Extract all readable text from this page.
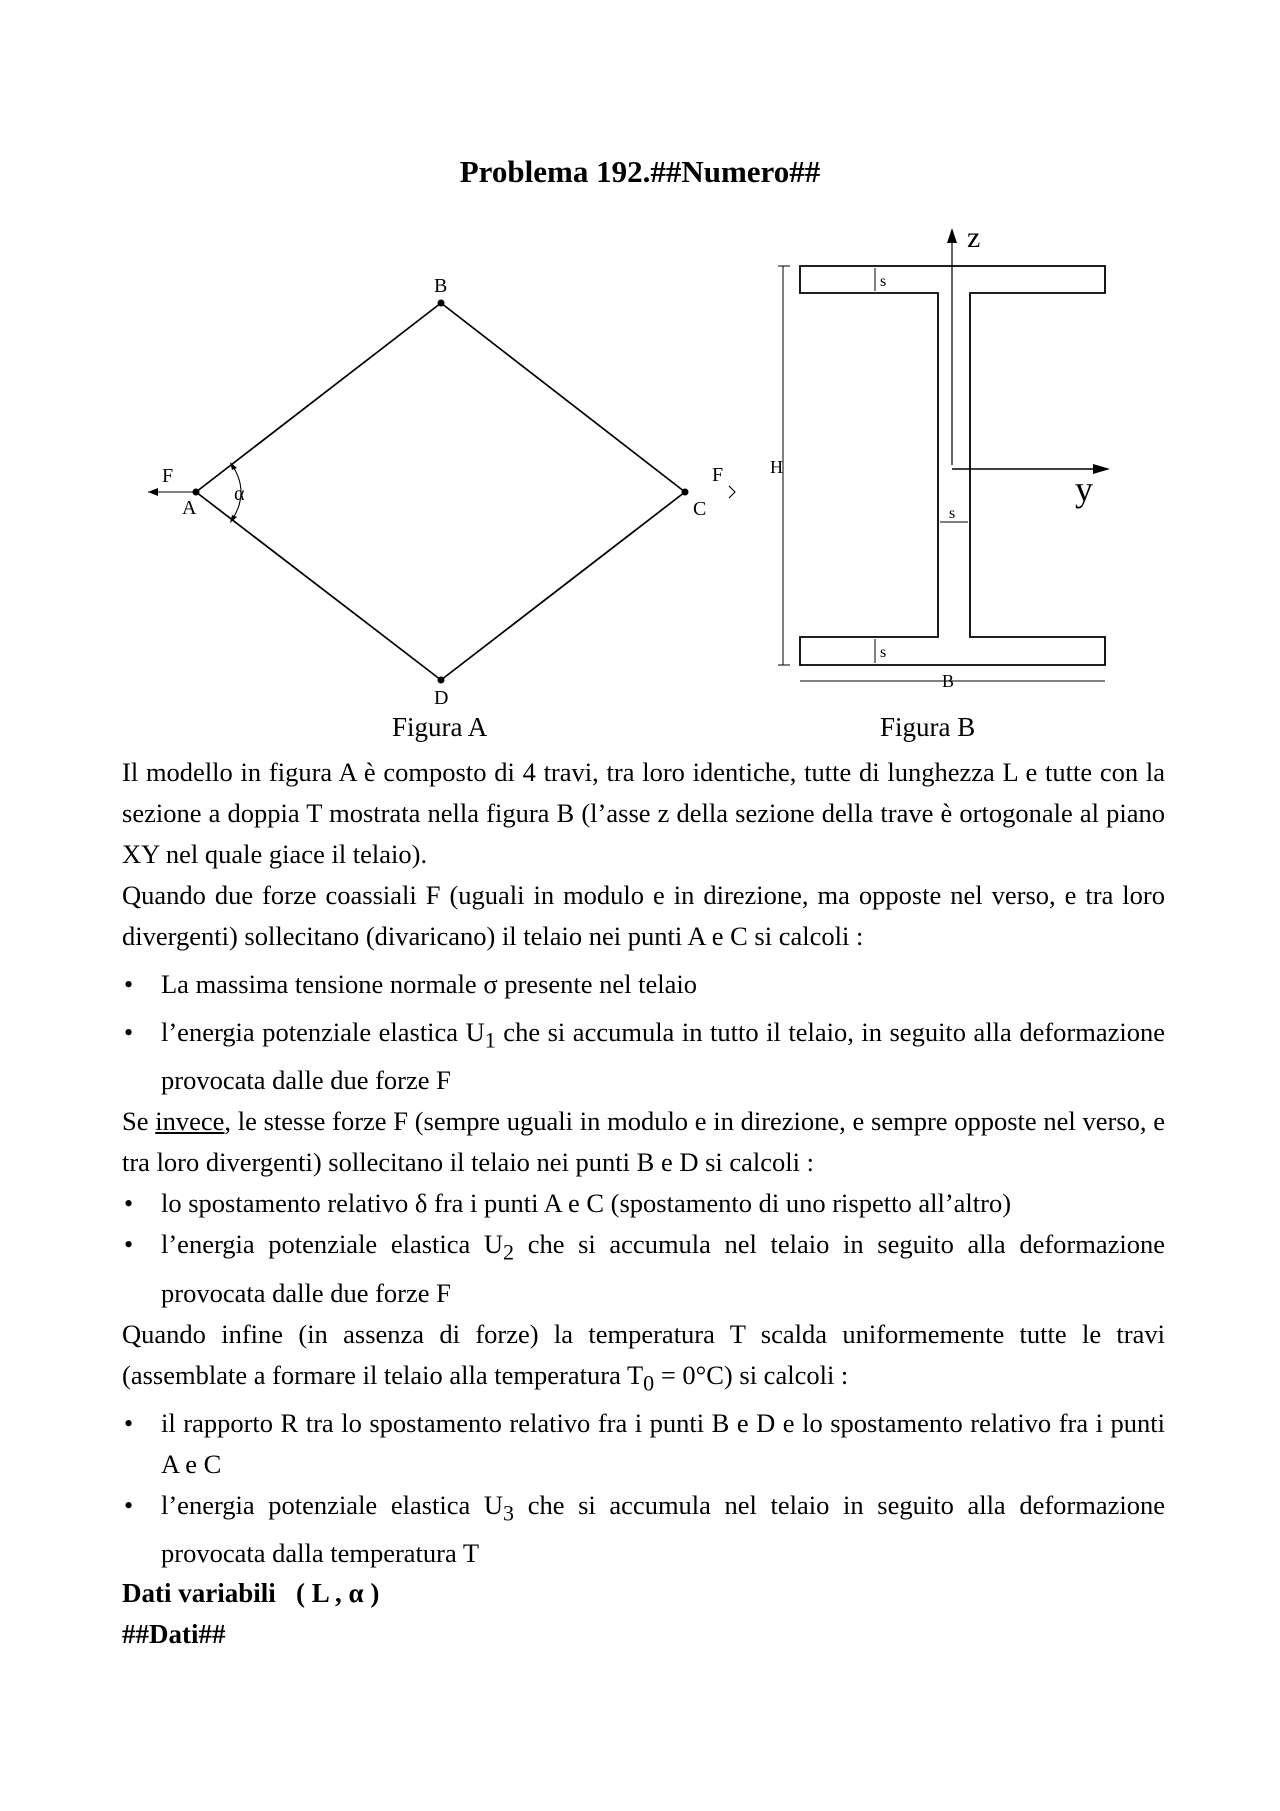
Problema 192.##Numero##
B
D
A	C
F	F
α
z
y
H
B
s
s
s
Figura A	Figura B

Il modello in figura A è composto di 4 travi, tra loro identiche, tutte di lunghezza L e tutte con la sezione a doppia T mostrata nella figura B (l’asse z della sezione della trave è ortogonale al piano XY nel quale giace il telaio).

Quando due forze coassiali F (uguali in modulo e in direzione, ma opposte nel verso, e tra loro divergenti) sollecitano (divaricano) il telaio nei punti A e C si calcoli :

• La massima tensione normale σ presente nel telaio
• l’energia potenziale elastica $U_1$ che si accumula in tutto il telaio, in seguito alla deformazione provocata dalle due forze F

Se invece, le stesse forze F (sempre uguali in modulo e in direzione, e sempre opposte nel verso, e tra loro divergenti) sollecitano il telaio nei punti B e D si calcoli :

• lo spostamento relativo δ fra i punti A e C (spostamento di uno rispetto all’altro)
• l’energia potenziale elastica $U_2$ che si accumula nel telaio in seguito alla deformazione provocata dalle due forze F

Quando infine (in assenza di forze) la temperatura T scalda uniformemente tutte le travi (assemblate a formare il telaio alla temperatura $T_0 = 0^\circ C$) si calcoli :

• il rapporto R tra lo spostamento relativo fra i punti B e D e lo spostamento relativo fra i punti A e C
• l’energia potenziale elastica $U_3$ che si accumula nel telaio in seguito alla deformazione provocata dalla temperatura T
Dati variabili   ( L , α )
##Dati##
